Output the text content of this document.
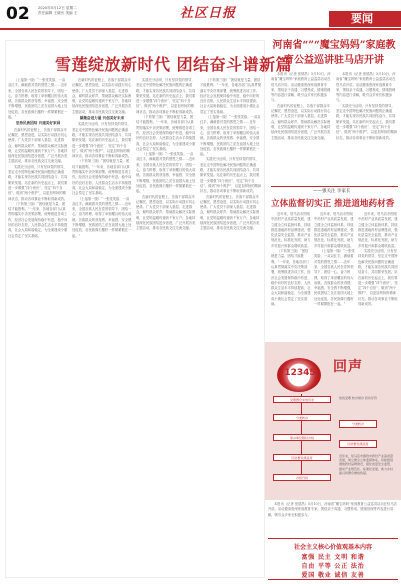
02 2020年5月12日 星期二
责任编辑 王晓庆 美编 王	社区日报	要闻
雪莲绽放新时代 团结奋斗谱新篇
（上接第一版）“一张张笑脸、一双双红手，满载着对党的感恩之情……近年来，全国各族人民在党的领导下，团结一心，奋力拼搏，取得了举世瞩目的伟大成就。各族群众的获得感、幸福感、安全感不断增强，民族团结之花在祖国大地上处处绽放，各民族像石榴籽一样紧紧抱在一起。”
坚持民族团结 共建美好家园
在新时代的征程上，各族干部群众牢记嘱托、感恩奋进，以实际行动践行初心使命。广大党员干部深入基层、走进群众，倾听群众呼声，帮助群众解决实际困难，让党的温暖传递到千家万户。各地持续深化民族团结进步创建，广泛开展各类主题活动，推动各民族交往交流交融。
实践充分证明，只有坚持党的领导，坚定走中国特色解决民族问题的正确道路，才能实现各民族共同团结奋斗、共同繁荣发展。站在新的历史起点上，我们要进一步增强“四个意识”、坚定“四个自信”、做到“两个维护”，以更加昂扬的精神状态，推动各项事业不断取得新成效。
（下转第三版）“团结就是力量，团结才能胜利。”一年来，各地各部门认真贯彻落实中央决策部署，统筹推进各项工作，经济社会发展保持稳中有进、稳中向好的良好态势，人民群众生活水平持续提高，社会大局和谐稳定，为全面建成小康社会奠定了坚实基础。
在新时代的征程上，各族干部群众牢记嘱托、感恩奋进，以实际行动践行初心使命。广大党员干部深入基层、走进群众，倾听群众呼声，帮助群众解决实际困难，让党的温暖传递到千家万户。各地持续深化民族团结进步创建，广泛开展各类主题活动，推动各民族交往交流交融。
凝聚奋进力量 共创美好未来
实践充分证明，只有坚持党的领导，坚定走中国特色解决民族问题的正确道路，才能实现各民族共同团结奋斗、共同繁荣发展。站在新的历史起点上，我们要进一步增强“四个意识”、坚定“四个自信”、做到“两个维护”，以更加昂扬的精神状态，推动各项事业不断取得新成效。
（下转第三版）“团结就是力量，团结才能胜利。”一年来，各地各部门认真贯彻落实中央决策部署，统筹推进各项工作，经济社会发展保持稳中有进、稳中向好的良好态势，人民群众生活水平持续提高，社会大局和谐稳定，为全面建成小康社会奠定了坚实基础。
（上接第一版）“一张张笑脸、一双双红手，满载着对党的感恩之情……近年来，全国各族人民在党的领导下，团结一心，奋力拼搏，取得了举世瞩目的伟大成就。各族群众的获得感、幸福感、安全感不断增强，民族团结之花在祖国大地上处处绽放，各民族像石榴籽一样紧紧抱在一起。”
实践充分证明，只有坚持党的领导，坚定走中国特色解决民族问题的正确道路，才能实现各民族共同团结奋斗、共同繁荣发展。站在新的历史起点上，我们要进一步增强“四个意识”、坚定“四个自信”、做到“两个维护”，以更加昂扬的精神状态，推动各项事业不断取得新成效。
（下转第三版）“团结就是力量，团结才能胜利。”一年来，各地各部门认真贯彻落实中央决策部署，统筹推进各项工作，经济社会发展保持稳中有进、稳中向好的良好态势，人民群众生活水平持续提高，社会大局和谐稳定，为全面建成小康社会奠定了坚实基础。
（上接第一版）“一张张笑脸、一双双红手，满载着对党的感恩之情……近年来，全国各族人民在党的领导下，团结一心，奋力拼搏，取得了举世瞩目的伟大成就。各族群众的获得感、幸福感、安全感不断增强，民族团结之花在祖国大地上处处绽放，各民族像石榴籽一样紧紧抱在一起。”
在新时代的征程上，各族干部群众牢记嘱托、感恩奋进，以实际行动践行初心使命。广大党员干部深入基层、走进群众，倾听群众呼声，帮助群众解决实际困难，让党的温暖传递到千家万户。各地持续深化民族团结进步创建，广泛开展各类主题活动，推动各民族交往交流交融。
（下转第三版）“团结就是力量，团结才能胜利。”一年来，各地各部门认真贯彻落实中央决策部署，统筹推进各项工作，经济社会发展保持稳中有进、稳中向好的良好态势，人民群众生活水平持续提高，社会大局和谐稳定，为全面建成小康社会奠定了坚实基础。
（上接第一版）“一张张笑脸、一双双红手，满载着对党的感恩之情……近年来，全国各族人民在党的领导下，团结一心，奋力拼搏，取得了举世瞩目的伟大成就。各族群众的获得感、幸福感、安全感不断增强，民族团结之花在祖国大地上处处绽放，各民族像石榴籽一样紧紧抱在一起。”
实践充分证明，只有坚持党的领导，坚定走中国特色解决民族问题的正确道路，才能实现各民族共同团结奋斗、共同繁荣发展。站在新的历史起点上，我们要进一步增强“四个意识”、坚定“四个自信”、做到“两个维护”，以更加昂扬的精神状态，推动各项事业不断取得新成效。
在新时代的征程上，各族干部群众牢记嘱托、感恩奋进，以实际行动践行初心使命。广大党员干部深入基层、走进群众，倾听群众呼声，帮助群众解决实际困难，让党的温暖传递到千家万户。各地持续深化民族团结进步创建，广泛开展各类主题活动，推动各民族交往交流交融。
河南省“”“魔宝妈妈”家庭教育公益巡讲驻马店开讲
本报讯（记者 张德昌）5月10日，河南省“魔宝妈妈”家庭教育公益巡讲活动在驻马店开讲。活动邀请资深家庭教育专家，围绕亲子沟通、习惯养成、情绪管理等内容进行讲解，吸引众多家长积极参与。
在新时代的征程上，各族干部群众牢记嘱托、感恩奋进，以实际行动践行初心使命。广大党员干部深入基层、走进群众，倾听群众呼声，帮助群众解决实际困难，让党的温暖传递到千家万户。各地持续深化民族团结进步创建，广泛开展各类主题活动，推动各民族交往交流交融。
本报讯（记者 张德昌）5月10日，河南省“魔宝妈妈”家庭教育公益巡讲活动在驻马店开讲。活动邀请资深家庭教育专家，围绕亲子沟通、习惯养成、情绪管理等内容进行讲解，吸引众多家长积极参与。
实践充分证明，只有坚持党的领导，坚定走中国特色解决民族问题的正确道路，才能实现各民族共同团结奋斗、共同繁荣发展。站在新的历史起点上，我们要进一步增强“四个意识”、坚定“四个自信”、做到“两个维护”，以更加昂扬的精神状态，推动各项事业不断取得新成效。
——强关注 亲家长
立体监督切实正 推进道地药材香
近年来，驻马店市围绕中药材产业高质量发展，建立健全立体监督体系，持续推进道地药材品牌建设，强化质量安全监管，推动产业规范化、标准化发展，助力乡村振兴和群众增收致富。
（下转第三版）“团结就是力量，团结才能胜利。”一年来，各地各部门认真贯彻落实中央决策部署，统筹推进各项工作，经济社会发展保持稳中有进、稳中向好的良好态势，人民群众生活水平持续提高，社会大局和谐稳定，为全面建成小康社会奠定了坚实基础。
近年来，驻马店市围绕中药材产业高质量发展，建立健全立体监督体系，持续推进道地药材品牌建设，强化质量安全监管，推动产业规范化、标准化发展，助力乡村振兴和群众增收致富。
（上接第一版）“一张张笑脸、一双双红手，满载着对党的感恩之情……近年来，全国各族人民在党的领导下，团结一心，奋力拼搏，取得了举世瞩目的伟大成就。各族群众的获得感、幸福感、安全感不断增强，民族团结之花在祖国大地上处处绽放，各民族像石榴籽一样紧紧抱在一起。”
近年来，驻马店市围绕中药材产业高质量发展，建立健全立体监督体系，持续推进道地药材品牌建设，强化质量安全监管，推动产业规范化、标准化发展，助力乡村振兴和群众增收致富。
实践充分证明，只有坚持党的领导，坚定走中国特色解决民族问题的正确道路，才能实现各民族共同团结奋斗、共同繁荣发展。站在新的历史起点上，我们要进一步增强“四个意识”、坚定“四个自信”、做到“两个维护”，以更加昂扬的精神状态，推动各项事业不断取得新成效。
12345 回声
受理群众来电诉求
分类转办
承办单位限时办结
回访群众满意度
办结归档
热线受理 转办督办 回访评价
分类转办
回访群众满意度
近年来，驻马店市围绕中药材产业高质量发展，建立健全立体监督体系，持续推进道地药材品牌建设，强化质量安全监管，推动产业规范化、标准化发展，助力乡村振兴和群众增收致富。
本报讯（记者 张德昌）5月10日，河南省“魔宝妈妈”家庭教育公益巡讲活动在驻马店开讲。活动邀请资深家庭教育专家，围绕亲子沟通、习惯养成、情绪管理等内容进行讲解，吸引众多家长积极参与。
社会主义核心价值观基本内容
富强 民主 文明 和谐
自由 平等 公正 法治
爱国 敬业 诚信 友善
